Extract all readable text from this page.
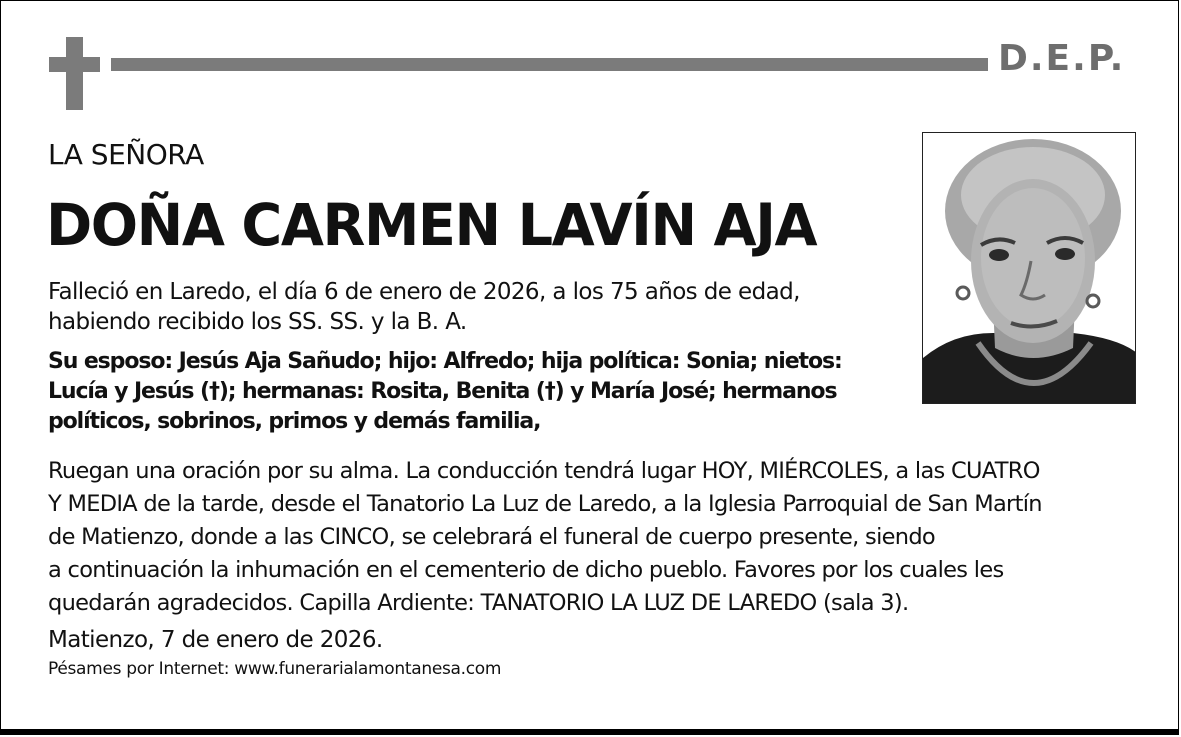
D.E.P.
LA SEÑORA
DOÑA CARMEN LAVÍN AJA

Falleció en Laredo, el día 6 de enero de 2026, a los 75 años de edad,
habiendo recibido los SS. SS. y la B. A.

Su esposo: Jesús Aja Sañudo; hijo: Alfredo; hija política: Sonia; nietos: Lucía y Jesús (†); hermanas: Rosita, Benita (†) y María José; hermanos políticos, sobrinos, primos y demás familia,

Ruegan una oración por su alma. La conducción tendrá lugar HOY, MIÉRCOLES, a las CUATRO
Y MEDIA de la tarde, desde el Tanatorio La Luz de Laredo, a la Iglesia Parroquial de San Martín
de Matienzo, donde a las CINCO, se celebrará el funeral de cuerpo presente, siendo
a continuación la inhumación en el cementerio de dicho pueblo. Favores por los cuales les
quedarán agradecidos. Capilla Ardiente: TANATORIO LA LUZ DE LAREDO (sala 3).

Matienzo, 7 de enero de 2026.

Pésames por Internet: www.funerarialamontanesa.com
